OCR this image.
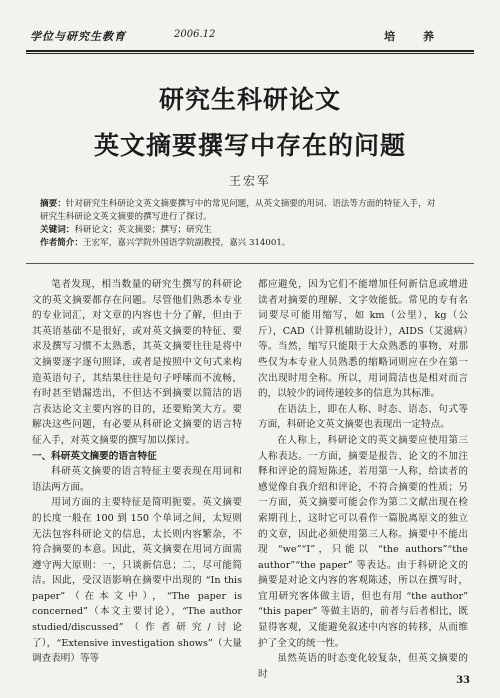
学位与研究生教育	2006.12	培 养
研究生科研论文
英文摘要撰写中存在的问题
王宏军
摘要：针对研究生科研论文英文摘要撰写中的常见问题，从英文摘要的用词、语法等方面的特征入手，对
研究生科研论文英文摘要的撰写进行了探讨。
关键词：科研论文；英文摘要；撰写；研究生
作者简介：王宏军，嘉兴学院外国语学院副教授，嘉兴 314001。

笔者发现，相当数量的研究生撰写的科研论文的英文摘要都存在问题。尽管他们熟悉本专业的专业词汇，对文章的内容也十分了解，但由于其英语基础不是很好，或对英文摘要的特征、要求及撰写习惯不太熟悉，其英文摘要往往是将中文摘要逐字逐句照译，或者是按照中文句式来构造英语句子，其结果往往是句子呼嗦而不流畅，有时甚至错漏迭出，不但达不到摘要以简洁的语言表达论文主要内容的目的，还要贻笑大方。要解决这些问题，有必要从科研论文摘要的语言特征入手，对英文摘要的撰写加以探讨。

一、科研英文摘要的语言特征

科研英文摘要的语言特征主要表现在用词和语法两方面。

用词方面的主要特征是简明扼要。英文摘要的长度一般在 100 到 150 个单词之间，太短则无法包容科研论文的信息，太长则内容繁杂，不符合摘要的本意。因此，英文摘要在用词方面需遵守两大原则：一，只谈新信息；二，尽可能简洁。因此，受汉语影响在摘要中出现的 “In this paper”（在本文中），“The paper is concerned”（本文主要讨论），“The author studied/discussed”（作者研究/讨论了），“Extensive investigation shows”（大量调查表明）等等

都应避免，因为它们不能增加任何新信息或增进读者对摘要的理解、文字效能低。常见的专有名词要尽可能用缩写，如 km（公里），kg（公斤），CAD（计算机辅助设计），AIDS（艾滋病）等。当然，缩写只能限于大众熟悉的事物，对那些仅为本专业人员熟悉的缩略词则应在少在第一次出现时用全称。所以，用词简洁也是相对而言的，以较少的词传递较多的信息为其标准。

在语法上，即在人称、时态、语态、句式等方面，科研论文英文摘要也表现出一定特点。

在人称上，科研论文的英文摘要应使用第三人称表达。一方面，摘要是报告、论文的不加注释和评论的简短陈述，若用第一人称，给读者的感觉像自我介绍和评论，不符合摘要的性质；另一方面，英文摘要可能会作为第二文献出现在检索期刊上，这时它可以看作一篇脱离原文的独立的文章，因此必须使用第三人称。摘要中不能出现 “we”“I”，只能以 “the authors”“the author”“the paper” 等表达。由于科研论文的摘要是对论文内容的客观陈述，所以在撰写时，宜用研究客体做主语，但也有用 “the author” “this paper” 等做主语的，前者与后者相比，既显得客观，又能避免叙述中内容的转移，从而维护了全文的统一性。

虽然英语的时态变化较复杂，但英文摘要的时

33
